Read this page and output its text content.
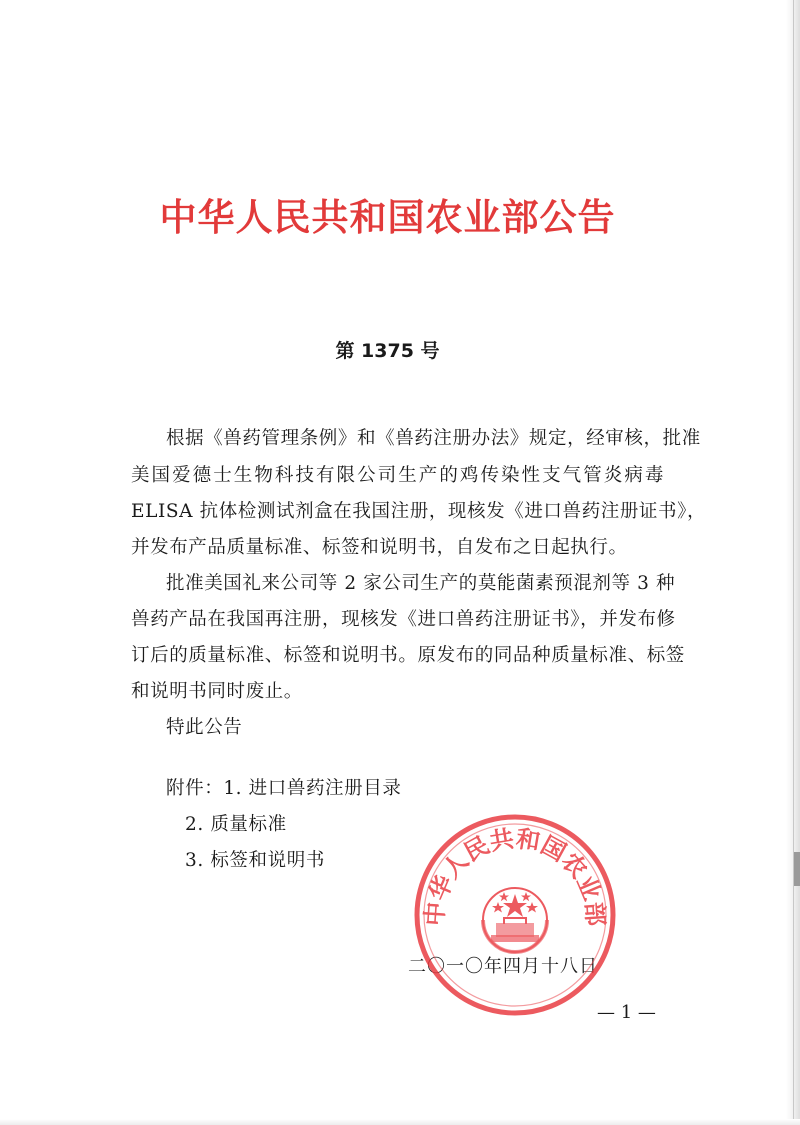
中华人民共和国农业部公告
第 1375 号
根据《兽药管理条例》和《兽药注册办法》规定，经审核，批准
美国爱德士生物科技有限公司生产的鸡传染性支气管炎病毒
ELISA 抗体检测试剂盒在我国注册，现核发《进口兽药注册证书》，
并发布产品质量标准、标签和说明书，自发布之日起执行。
批准美国礼来公司等 2 家公司生产的莫能菌素预混剂等 3 种
兽药产品在我国再注册，现核发《进口兽药注册证书》，并发布修
订后的质量标准、标签和说明书。原发布的同品种质量标准、标签
和说明书同时废止。
特此公告
附件：1. 进口兽药注册目录
2. 质量标准
3. 标签和说明书
二〇一〇年四月十八日
— 1 —
中华人民共和国农业部
